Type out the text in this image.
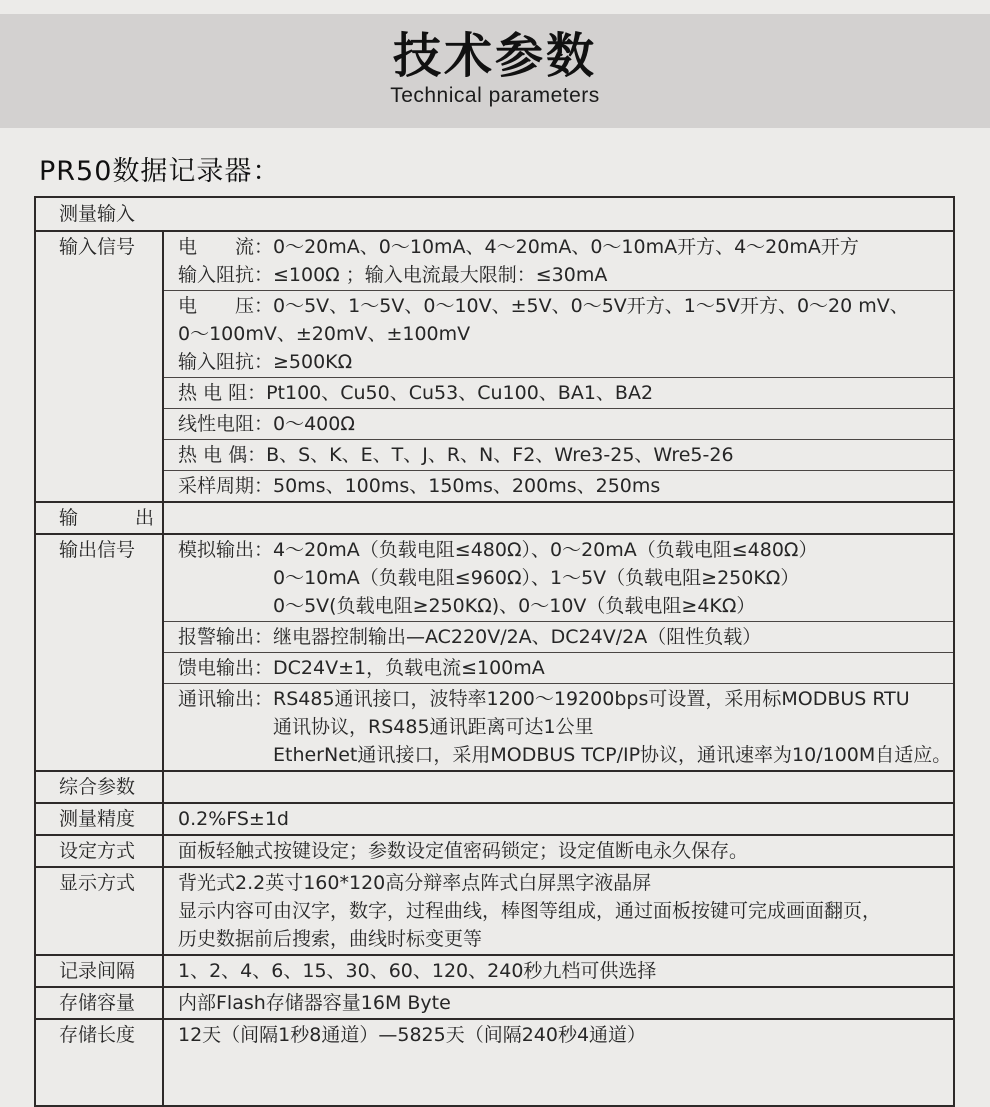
技术参数
Technical parameters
PR50数据记录器：
测量输入
输入信号	电　　流：0～20mA、0～10mA、4～20mA、0～10mA开方、4～20mA开方
输入阻抗：≤100Ω ；输入电流最大限制：≤30mA
电　　压：0～5V、1～5V、0～10V、±5V、0～5V开方、1～5V开方、0～20 mV、
0～100mV、±20mV、±100mV
输入阻抗：≥500KΩ
热 电 阻：Pt100、Cu50、Cu53、Cu100、BA1、BA2
线性电阻：0～400Ω
热 电 偶：B、S、K、E、T、J、R、N、F2、Wre3-25、Wre5-26
采样周期：50ms、100ms、150ms、200ms、250ms
输　　　出
输出信号	模拟输出：4～20mA（负载电阻≤480Ω）、0～20mA（负载电阻≤480Ω）
0～10mA（负载电阻≤960Ω）、1～5V（负载电阻≥250KΩ）
0～5V(负载电阻≥250KΩ)、0～10V（负载电阻≥4KΩ）
报警输出：继电器控制输出—AC220V/2A、DC24V/2A（阻性负载）
馈电输出：DC24V±1，负载电流≤100mA
通讯输出：RS485通讯接口，波特率1200～19200bps可设置，采用标MODBUS RTU
通讯协议，RS485通讯距离可达1公里
EtherNet通讯接口，采用MODBUS TCP/IP协议，通讯速率为10/100M自适应。
综合参数
测量精度	0.2%FS±1d
设定方式	面板轻触式按键设定；参数设定值密码锁定；设定值断电永久保存。
显示方式	背光式2.2英寸160*120高分辩率点阵式白屏黑字液晶屏
显示内容可由汉字，数字，过程曲线，棒图等组成，通过面板按键可完成画面翻页，
历史数据前后搜索，曲线时标变更等
记录间隔	1、2、4、6、15、30、60、120、240秒九档可供选择
存储容量	内部Flash存储器容量16M Byte
存储长度	12天（间隔1秒8通道）—5825天（间隔240秒4通道）
